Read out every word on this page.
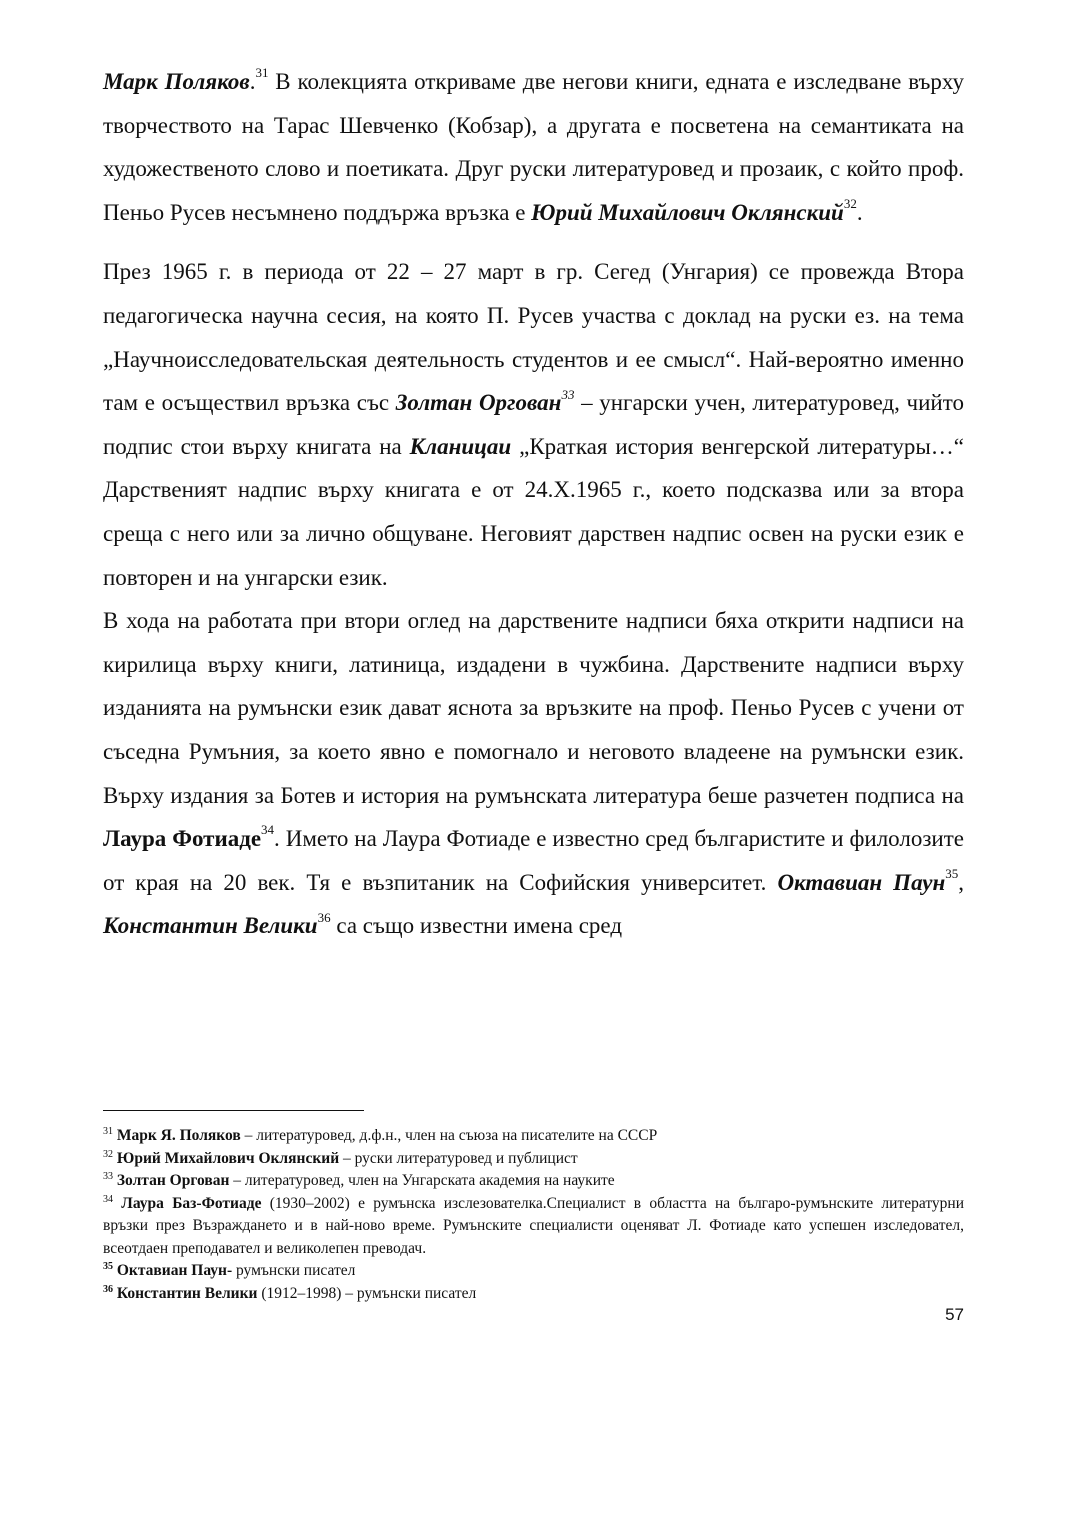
Марк Поляков.$^{31}$ В колекцията откриваме две негови книги, едната е изследване върху творчеството на Тарас Шевченко (Кобзар), а другата е посветена на семантиката на художественото слово и поетиката. Друг руски литературовед и прозаик, с който проф. Пеньо Русев несъмнено поддържа връзка е Юрий Михайлович Оклянский$^{32}$.

През 1965 г. в периода от 22 – 27 март в гр. Сегед (Унгария) се провежда Втора педагогическа научна сесия, на която П. Русев участва с доклад на руски ез. на тема „Научноисследовательская деятельность студентов и ее смысл“. Най-вероятно именно там е осъществил връзка със Золтан Оргован$^{33}$ – унгарски учен, литературовед, чийто подпис стои върху книгата на Кланицаи „Краткая история венгерской литературы…“ Дарственият надпис върху книгата е от 24.Х.1965 г., което подсказва или за втора среща с него или за лично общуване. Неговият дарствен надпис освен на руски език е повторен и на унгарски език.

В хода на работата при втори оглед на дарствените надписи бяха открити надписи на кирилица върху книги, латиница, издадени в чужбина. Дарствените надписи върху изданията на румънски език дават яснота за връзките на проф. Пеньо Русев с учени от съседна Румъния, за което явно е помогнало и неговото владеене на румънски език. Върху издания за Ботев и история на румънската литература беше разчетен подписа на Лаура Фотиаде$^{34}$. Името на Лаура Фотиаде е известно сред българистите и филолозите от края на 20 век. Тя е възпитаник на Софийския университет. Октавиан Паун$^{35}$, Константин Велики$^{36}$ са също известни имена сред

$^{31}$ Марк Я. Поляков – литературовед, д.ф.н., член на съюза на писателите на СССР

$^{32}$ Юрий Михайлович Оклянский – руски литературовед и публицист

$^{33}$ Золтан Оргован – литературовед, член на Унгарската академия на науките

$^{34}$ Лаура Баз-Фотиаде (1930–2002) е румънска изслезователка.Специалист в областта на българо-румънските литературни връзки през Възраждането и в най-ново време. Румънските специалисти оценяват Л. Фотиаде като успешен изследовател, всеотдаен преподавател и великолепен преводач.

$^{35}$ Октавиан Паун- румънски писател

$^{36}$ Константин Велики (1912–1998) – румънски писател

57
